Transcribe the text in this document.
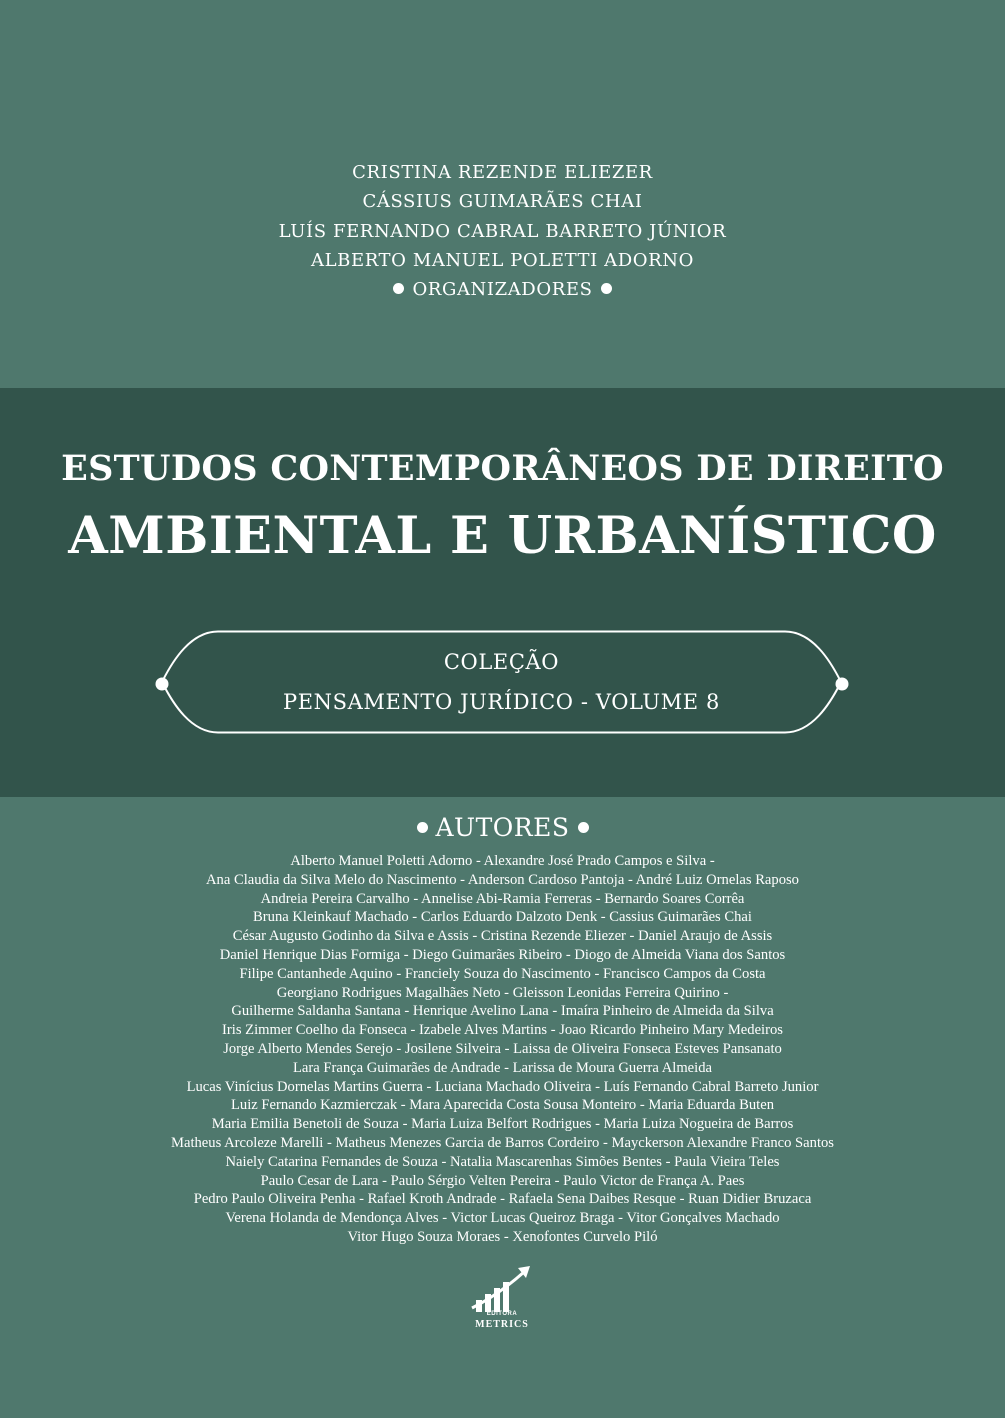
CRISTINA REZENDE ELIEZER
CÁSSIUS GUIMARÃES CHAI
LUÍS FERNANDO CABRAL BARRETO JÚNIOR
ALBERTO MANUEL POLETTI ADORNO
ORGANIZADORES
ESTUDOS CONTEMPORÂNEOS DE DIREITO
AMBIENTAL E URBANÍSTICO
COLEÇÃO
PENSAMENTO JURÍDICO - VOLUME 8
AUTORES
Alberto Manuel Poletti Adorno - Alexandre José Prado Campos e Silva -
Ana Claudia da Silva Melo do Nascimento - Anderson Cardoso Pantoja - André Luiz Ornelas Raposo
Andreia Pereira Carvalho - Annelise Abi-Ramia Ferreras - Bernardo Soares Corrêa
Bruna Kleinkauf Machado - Carlos Eduardo Dalzoto Denk - Cassius Guimarães Chai
César Augusto Godinho da Silva e Assis - Cristina Rezende Eliezer - Daniel Araujo de Assis
Daniel Henrique Dias Formiga - Diego Guimarães Ribeiro - Diogo de Almeida Viana dos Santos
Filipe Cantanhede Aquino - Franciely Souza do Nascimento - Francisco Campos da Costa
Georgiano Rodrigues Magalhães Neto - Gleisson Leonidas Ferreira Quirino -
Guilherme Saldanha Santana - Henrique Avelino Lana - Imaíra Pinheiro de Almeida da Silva
Iris Zimmer Coelho da Fonseca - Izabele Alves Martins - Joao Ricardo Pinheiro Mary Medeiros
Jorge Alberto Mendes Serejo - Josilene Silveira - Laissa de Oliveira Fonseca Esteves Pansanato
Lara França Guimarães de Andrade - Larissa de Moura Guerra Almeida
Lucas Vinícius Dornelas Martins Guerra - Luciana Machado Oliveira - Luís Fernando Cabral Barreto Junior
Luiz Fernando Kazmierczak - Mara Aparecida Costa Sousa Monteiro - Maria Eduarda Buten
Maria Emilia Benetoli de Souza - Maria Luiza Belfort Rodrigues - Maria Luiza Nogueira de Barros
Matheus Arcoleze Marelli - Matheus Menezes Garcia de Barros Cordeiro - Mayckerson Alexandre Franco Santos
Naiely Catarina Fernandes de Souza - Natalia Mascarenhas Simões Bentes - Paula Vieira Teles
Paulo Cesar de Lara - Paulo Sérgio Velten Pereira - Paulo Victor de França A. Paes
Pedro Paulo Oliveira Penha - Rafael Kroth Andrade - Rafaela Sena Daibes Resque - Ruan Didier Bruzaca
Verena Holanda de Mendonça Alves - Victor Lucas Queiroz Braga - Vitor Gonçalves Machado
Vitor Hugo Souza Moraes - Xenofontes Curvelo Piló
EDITORA
METRICS
